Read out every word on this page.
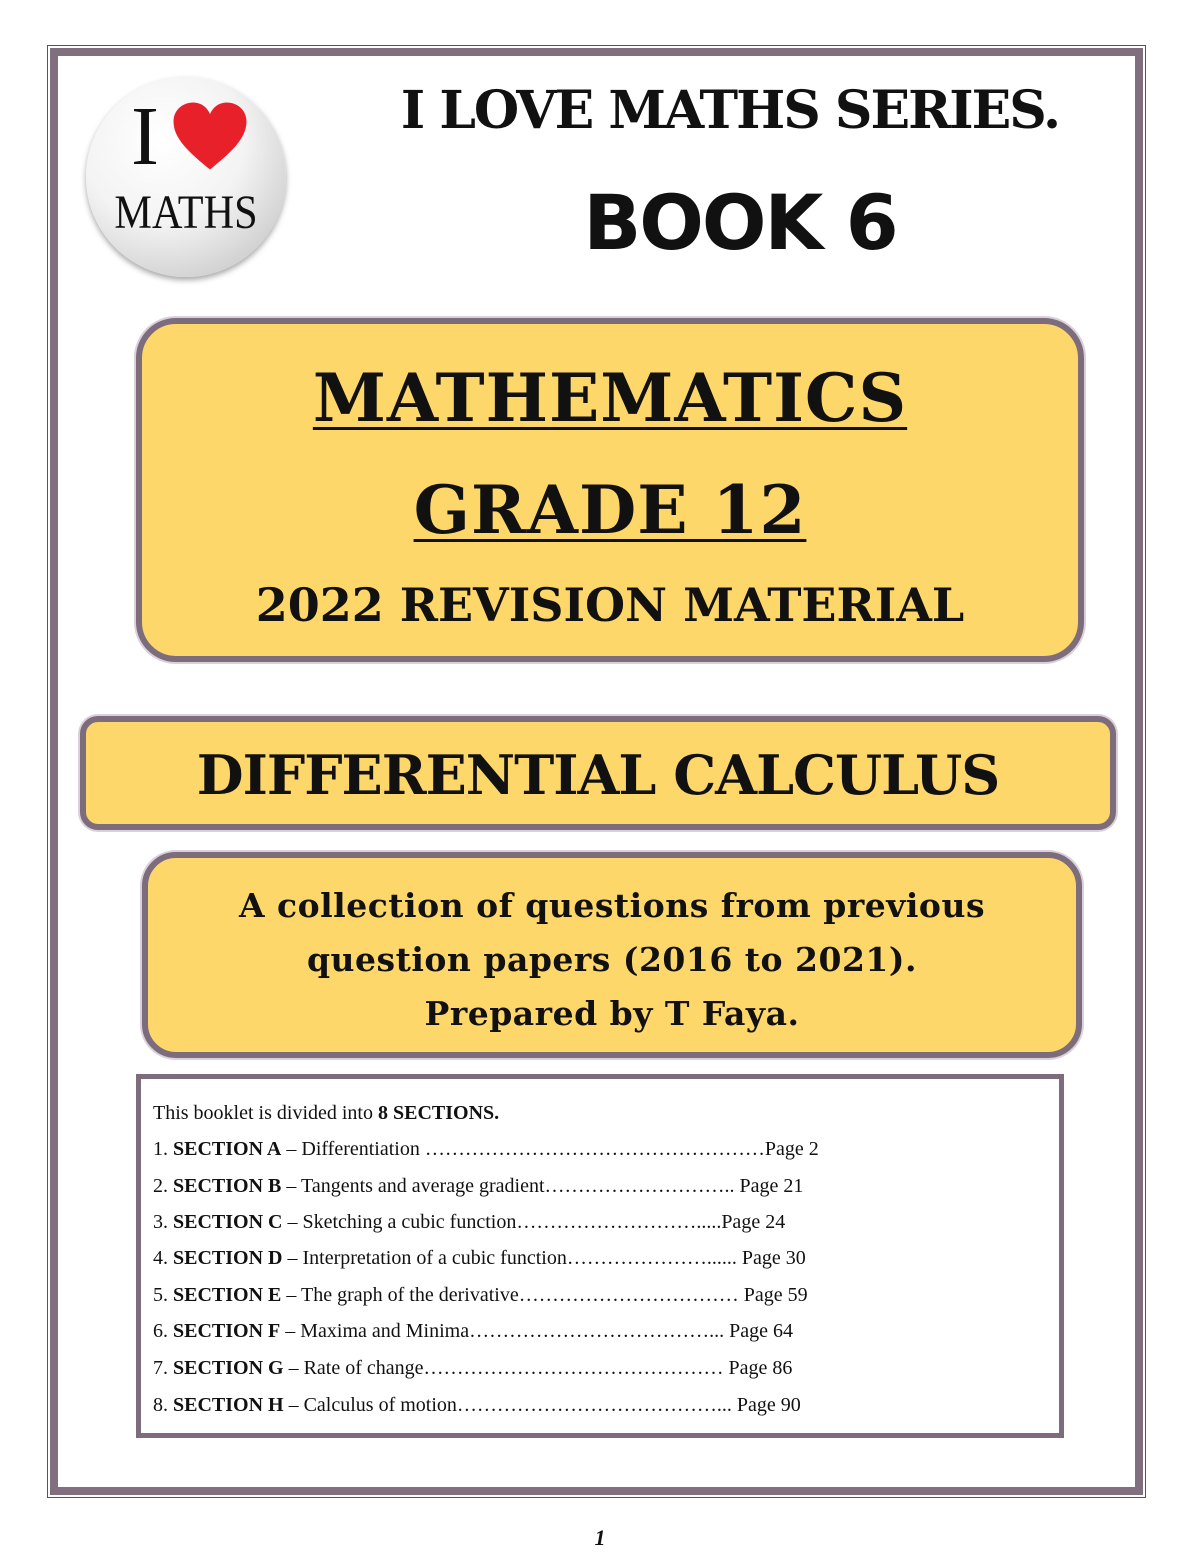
I
MATHS
I LOVE MATHS SERIES.
BOOK 6
MATHEMATICS
GRADE 12
2022 REVISION MATERIAL
DIFFERENTIAL CALCULUS
A collection of questions from previous
question papers (2016 to 2021).
Prepared by T Faya.
This booklet is divided into 8 SECTIONS.
1. SECTION A – Differentiation ……………………………………………Page 2
2. SECTION B – Tangents and average gradient……………………….. Page 21
3. SECTION C – Sketching a cubic function……………………….....Page 24
4. SECTION D – Interpretation of a cubic function…………………...... Page 30
5. SECTION E – The graph of the derivative…………………………… Page 59
6. SECTION F – Maxima and Minima………………………………... Page 64
7. SECTION G – Rate of change……………………………………… Page 86
8. SECTION H – Calculus of motion…………………………………... Page 90
1
